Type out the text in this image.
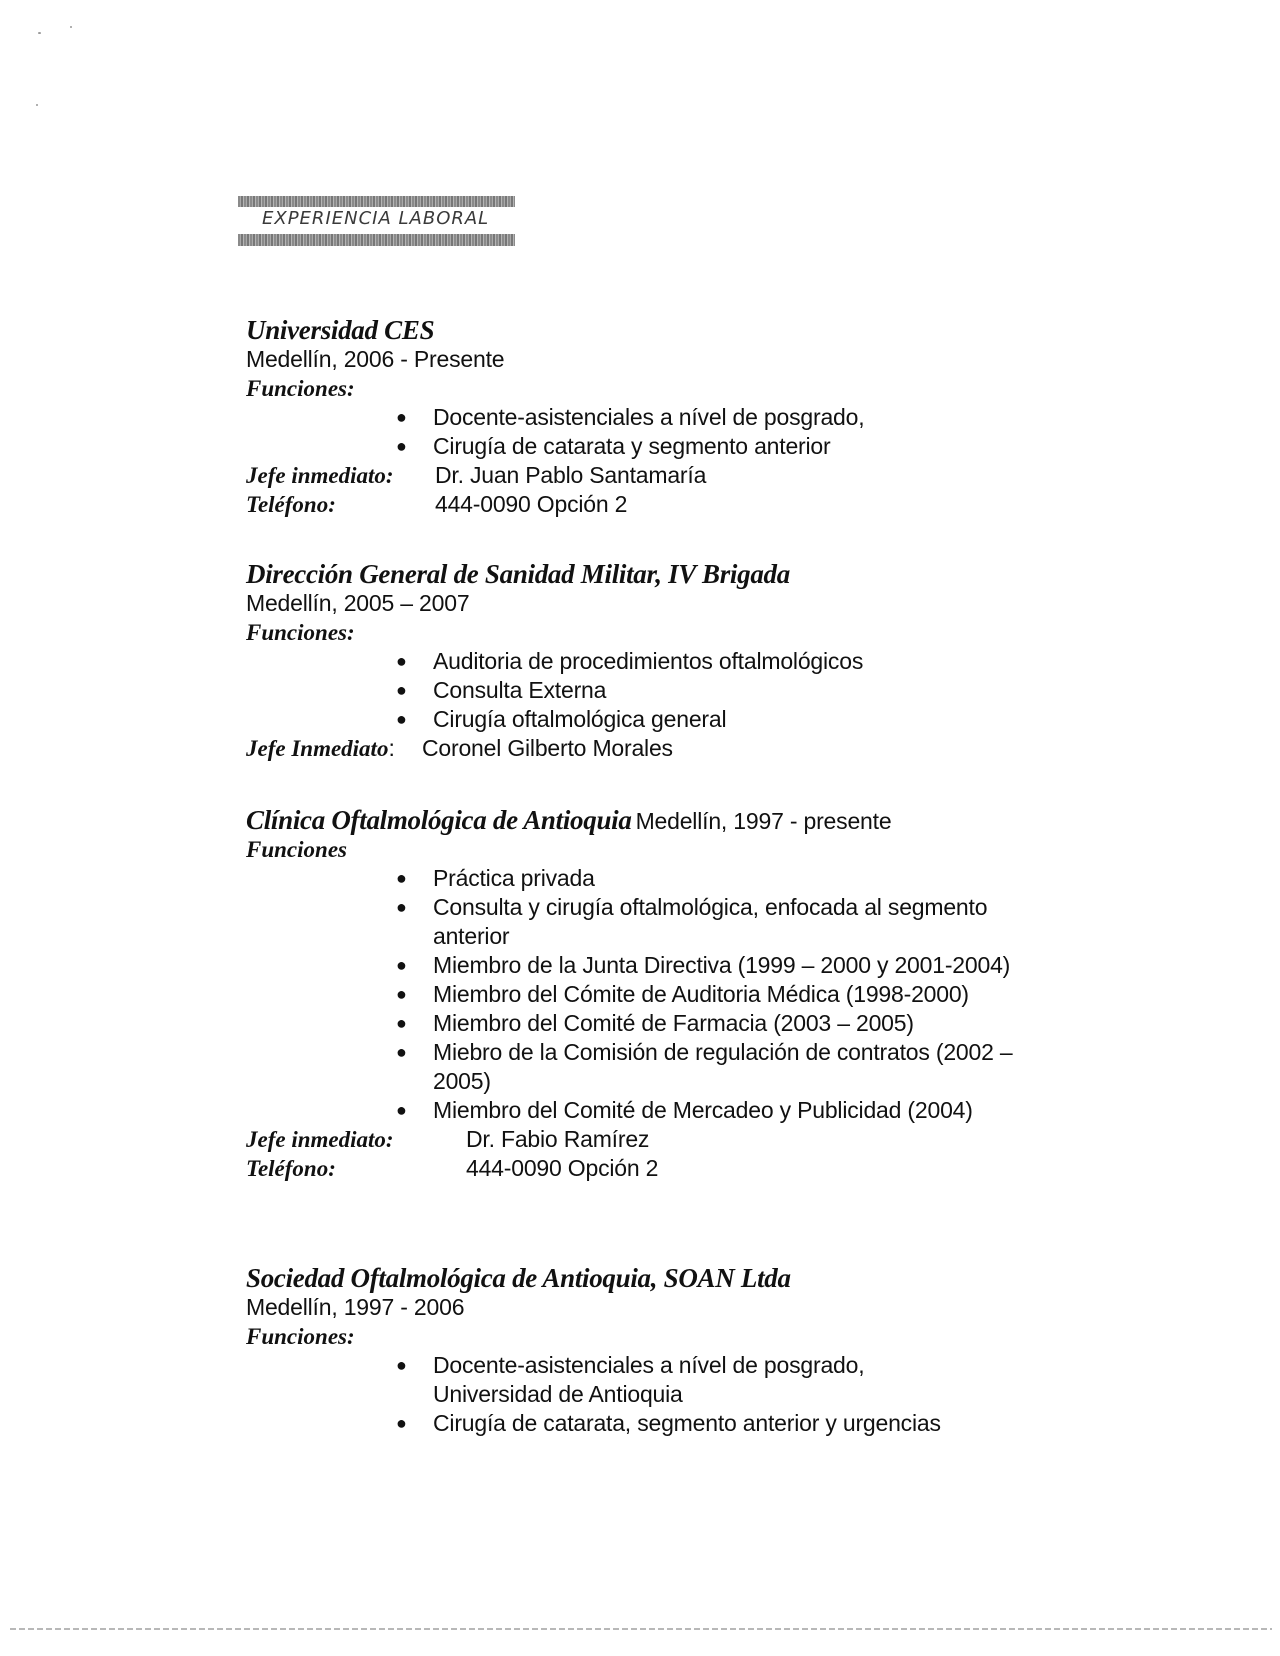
EXPERIENCIA LABORAL
Universidad CES
Medellín, 2006 - Presente
Funciones:
● Docente-asistenciales a nível de posgrado,
● Cirugía de catarata y segmento anterior
Jefe inmediato: Dr. Juan Pablo Santamaría
Teléfono:	444-0090 Opción 2
Dirección General de Sanidad Militar, IV Brigada
Medellín, 2005 – 2007
Funciones:
● Auditoria de procedimientos oftalmológicos
● Consulta Externa
● Cirugía oftalmológica general
Jefe Inmediato: Coronel Gilberto Morales
Clínica Oftalmológica de Antioquia Medellín, 1997 - presente
Funciones
● Práctica privada
● Consulta y cirugía oftalmológica, enfocada al segmento
anterior
● Miembro de la Junta Directiva (1999 – 2000 y 2001-2004)
● Miembro del Cómite de Auditoria Médica (1998-2000)
● Miembro del Comité de Farmacia (2003 – 2005)
● Miebro de la Comisión de regulación de contratos (2002 –
2005)
● Miembro del Comité de Mercadeo y Publicidad (2004)
Jefe inmediato:	Dr. Fabio Ramírez
Teléfono:	444-0090 Opción 2
Sociedad Oftalmológica de Antioquia, SOAN Ltda
Medellín, 1997 - 2006
Funciones:
● Docente-asistenciales a nível de posgrado,
Universidad de Antioquia
● Cirugía de catarata, segmento anterior y urgencias
